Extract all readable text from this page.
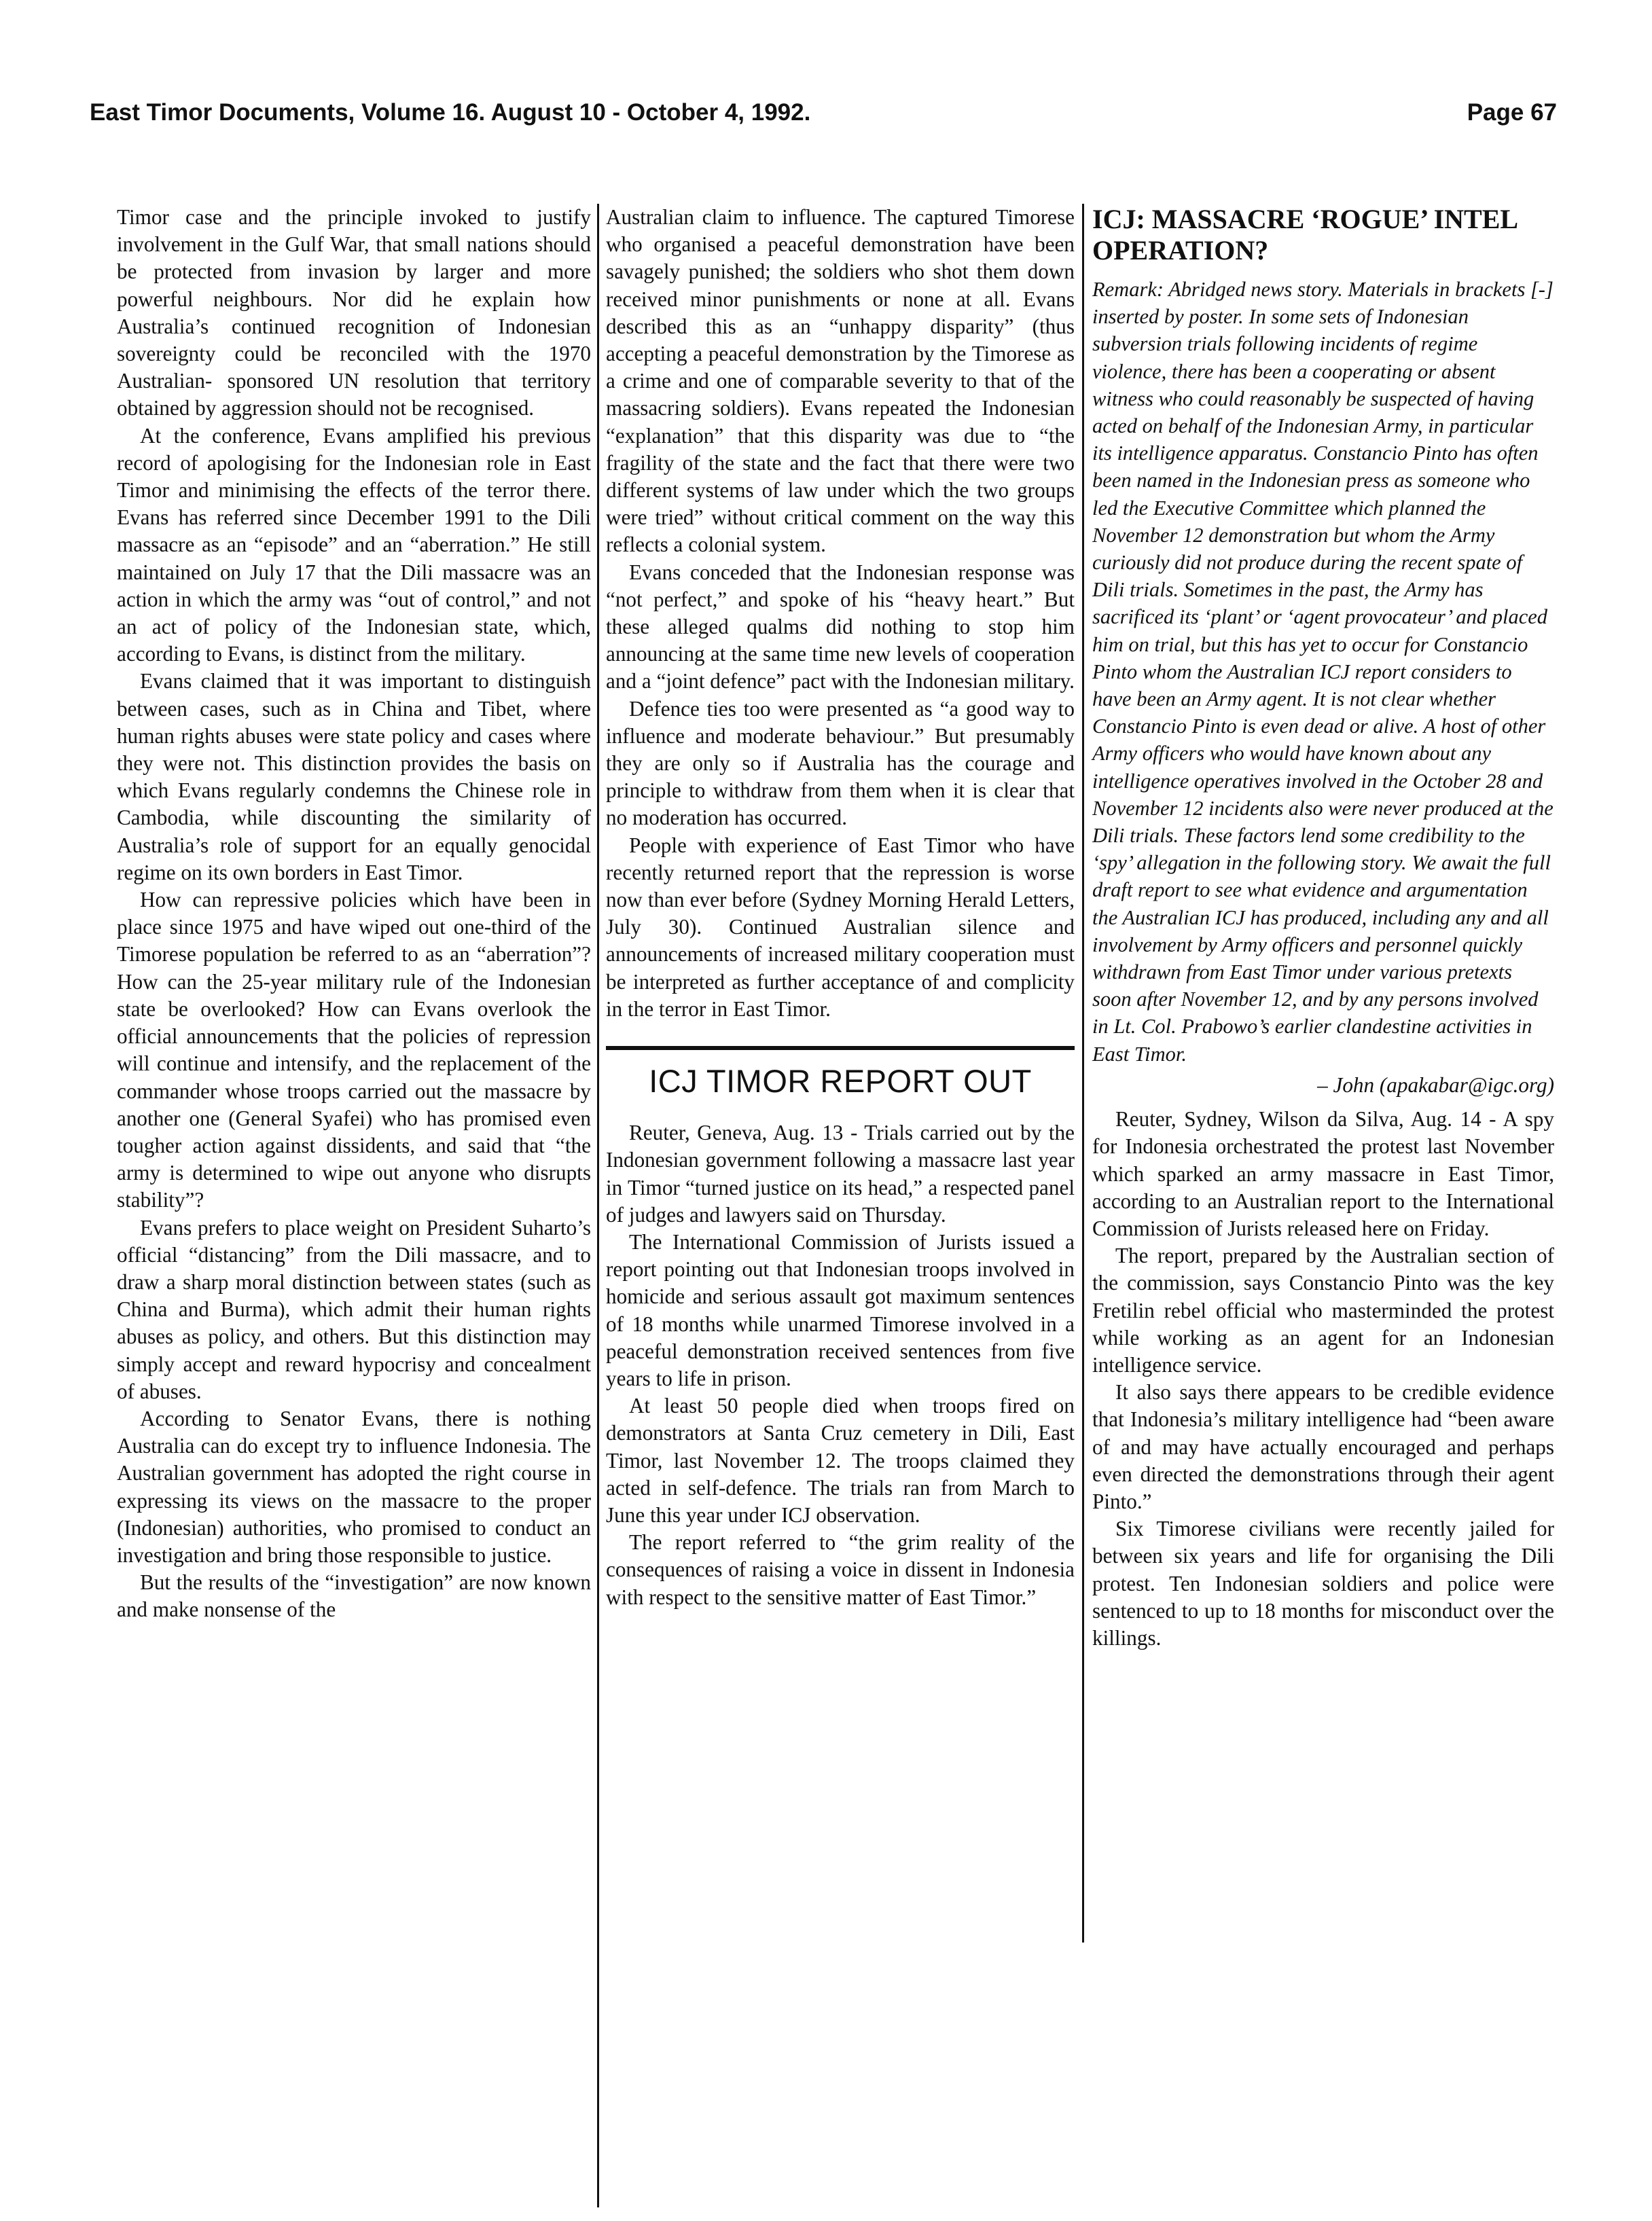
East Timor Documents, Volume 16. August 10 - October 4, 1992.	Page 67

Timor case and the principle invoked to justify involvement in the Gulf War, that small nations should be protected from invasion by larger and more powerful neighbours. Nor did he explain how Australia’s continued recognition of Indonesian sovereignty could be reconciled with the 1970 Australian- sponsored UN resolution that territory obtained by aggression should not be recognised.

At the conference, Evans amplified his previous record of apologising for the Indonesian role in East Timor and minimising the effects of the terror there. Evans has referred since December 1991 to the Dili massacre as an “episode” and an “aberration.” He still maintained on July 17 that the Dili massacre was an action in which the army was “out of control,” and not an act of policy of the Indonesian state, which, according to Evans, is distinct from the military.

Evans claimed that it was important to distinguish between cases, such as in China and Tibet, where human rights abuses were state policy and cases where they were not. This distinction provides the basis on which Evans regularly condemns the Chinese role in Cambodia, while discounting the similarity of Australia’s role of support for an equally genocidal regime on its own borders in East Timor.

How can repressive policies which have been in place since 1975 and have wiped out one-third of the Timorese population be referred to as an “aberration”? How can the 25-year military rule of the Indonesian state be overlooked? How can Evans overlook the official announcements that the policies of repression will continue and intensify, and the replacement of the commander whose troops carried out the massacre by another one (General Syafei) who has promised even tougher action against dissidents, and said that “the army is determined to wipe out anyone who disrupts stability”?

Evans prefers to place weight on President Suharto’s official “distancing” from the Dili massacre, and to draw a sharp moral distinction between states (such as China and Burma), which admit their human rights abuses as policy, and others. But this distinction may simply accept and reward hypocrisy and concealment of abuses.

According to Senator Evans, there is nothing Australia can do except try to influence Indonesia. The Australian government has adopted the right course in expressing its views on the massacre to the proper (Indonesian) authorities, who promised to conduct an investigation and bring those responsible to justice.

But the results of the “investigation” are now known and make nonsense of the

Australian claim to influence. The captured Timorese who organised a peaceful demonstration have been savagely punished; the soldiers who shot them down received minor punishments or none at all. Evans described this as an “unhappy disparity” (thus accepting a peaceful demonstration by the Timorese as a crime and one of comparable severity to that of the massacring soldiers). Evans repeated the Indonesian “explanation” that this disparity was due to “the fragility of the state and the fact that there were two different systems of law under which the two groups were tried” without critical comment on the way this reflects a colonial system.

Evans conceded that the Indonesian response was “not perfect,” and spoke of his “heavy heart.” But these alleged qualms did nothing to stop him announcing at the same time new levels of cooperation and a “joint defence” pact with the Indonesian military.

Defence ties too were presented as “a good way to influence and moderate behaviour.” But presumably they are only so if Australia has the courage and principle to withdraw from them when it is clear that no moderation has occurred.

People with experience of East Timor who have recently returned report that the repression is worse now than ever before (Sydney Morning Herald Letters, July 30). Continued Australian silence and announcements of increased military cooperation must be interpreted as further acceptance of and complicity in the terror in East Timor.

ICJ TIMOR REPORT OUT

Reuter, Geneva, Aug. 13 - Trials carried out by the Indonesian government following a massacre last year in Timor “turned justice on its head,” a respected panel of judges and lawyers said on Thursday.

The International Commission of Jurists issued a report pointing out that Indonesian troops involved in homicide and serious assault got maximum sentences of 18 months while unarmed Timorese involved in a peaceful demonstration received sentences from five years to life in prison.

At least 50 people died when troops fired on demonstrators at Santa Cruz cemetery in Dili, East Timor, last November 12. The troops claimed they acted in self-defence. The trials ran from March to June this year under ICJ observation.

The report referred to “the grim reality of the consequences of raising a voice in dissent in Indonesia with respect to the sensitive matter of East Timor.”

ICJ: MASSACRE ‘ROGUE’ INTEL OPERATION?

Remark: Abridged news story. Materials in brackets [-] inserted by poster. In some sets of Indonesian subversion trials following incidents of regime violence, there has been a cooperating or absent witness who could reasonably be suspected of having acted on behalf of the Indonesian Army, in particular its intelligence apparatus. Constancio Pinto has often been named in the Indonesian press as someone who led the Executive Committee which planned the November 12 demonstration but whom the Army curiously did not produce during the recent spate of Dili trials. Sometimes in the past, the Army has sacrificed its ‘plant’ or ‘agent provocateur’ and placed him on trial, but this has yet to occur for Constancio Pinto whom the Australian ICJ report considers to have been an Army agent. It is not clear whether Constancio Pinto is even dead or alive. A host of other Army officers who would have known about any intelligence operatives involved in the October 28 and November 12 incidents also were never produced at the Dili trials. These factors lend some credibility to the ‘spy’ allegation in the following story. We await the full draft report to see what evidence and argumentation the Australian ICJ has produced, including any and all involvement by Army officers and personnel quickly withdrawn from East Timor under various pretexts soon after November 12, and by any persons involved in Lt. Col. Prabowo’s earlier clandestine activities in East Timor.

– John (apakabar@igc.org)

Reuter, Sydney, Wilson da Silva, Aug. 14 - A spy for Indonesia orchestrated the protest last November which sparked an army massacre in East Timor, according to an Australian report to the International Commission of Jurists released here on Friday.

The report, prepared by the Australian section of the commission, says Constancio Pinto was the key Fretilin rebel official who masterminded the protest while working as an agent for an Indonesian intelligence service.

It also says there appears to be credible evidence that Indonesia’s military intelligence had “been aware of and may have actually encouraged and perhaps even directed the demonstrations through their agent Pinto.”

Six Timorese civilians were recently jailed for between six years and life for organising the Dili protest. Ten Indonesian soldiers and police were sentenced to up to 18 months for misconduct over the killings.
